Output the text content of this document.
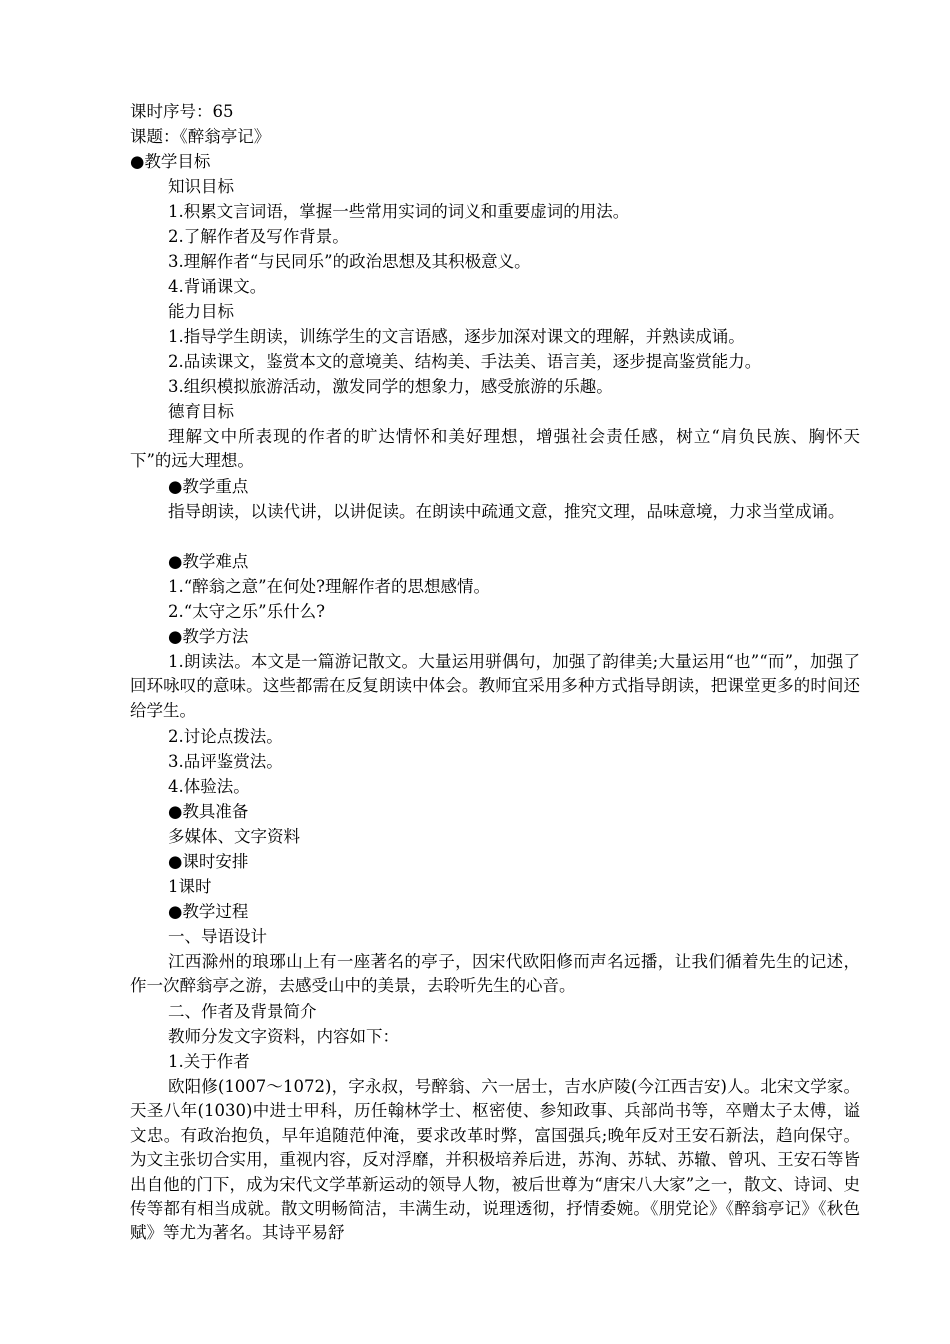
课时序号：65
课题：《醉翁亭记》
●教学目标
知识目标
1.积累文言词语，掌握一些常用实词的词义和重要虚词的用法。
2.了解作者及写作背景。
3.理解作者“与民同乐”的政治思想及其积极意义。
4.背诵课文。
能力目标
1.指导学生朗读，训练学生的文言语感，逐步加深对课文的理解，并熟读成诵。
2.品读课文，鉴赏本文的意境美、结构美、手法美、语言美，逐步提高鉴赏能力。
3.组织模拟旅游活动，激发同学的想象力，感受旅游的乐趣。
德育目标
理解文中所表现的作者的旷达情怀和美好理想，增强社会责任感，树立“肩负民族、胸怀天下”的远大理想。
●教学重点
指导朗读，以读代讲，以讲促读。在朗读中疏通文意，推究文理，品味意境，力求当堂成诵。
●教学难点
1.“醉翁之意”在何处?理解作者的思想感情。
2.“太守之乐”乐什么?
●教学方法
1.朗读法。本文是一篇游记散文。大量运用骈偶句，加强了韵律美;大量运用“也”“而”，加强了回环咏叹的意味。这些都需在反复朗读中体会。教师宜采用多种方式指导朗读，把课堂更多的时间还给学生。
2.讨论点拨法。
3.品评鉴赏法。
4.体验法。
●教具准备
多媒体、文字资料
●课时安排
1课时
●教学过程
一、导语设计
江西滁州的琅琊山上有一座著名的亭子，因宋代欧阳修而声名远播，让我们循着先生的记述，作一次醉翁亭之游，去感受山中的美景，去聆听先生的心音。
二、作者及背景简介
教师分发文字资料，内容如下：
1.关于作者
欧阳修(1007～1072)，字永叔，号醉翁、六一居士，吉水庐陵(今江西吉安)人。北宋文学家。天圣八年(1030)中进士甲科，历任翰林学士、枢密使、参知政事、兵部尚书等，卒赠太子太傅，谥文忠。有政治抱负，早年追随范仲淹，要求改革时弊，富国强兵;晚年反对王安石新法，趋向保守。为文主张切合实用，重视内容，反对浮靡，并积极培养后进，苏洵、苏轼、苏辙、曾巩、王安石等皆出自他的门下，成为宋代文学革新运动的领导人物，被后世尊为“唐宋八大家”之一，散文、诗词、史传等都有相当成就。散文明畅简洁，丰满生动，说理透彻，抒情委婉。《朋党论》《醉翁亭记》《秋色赋》等尤为著名。其诗平易舒
